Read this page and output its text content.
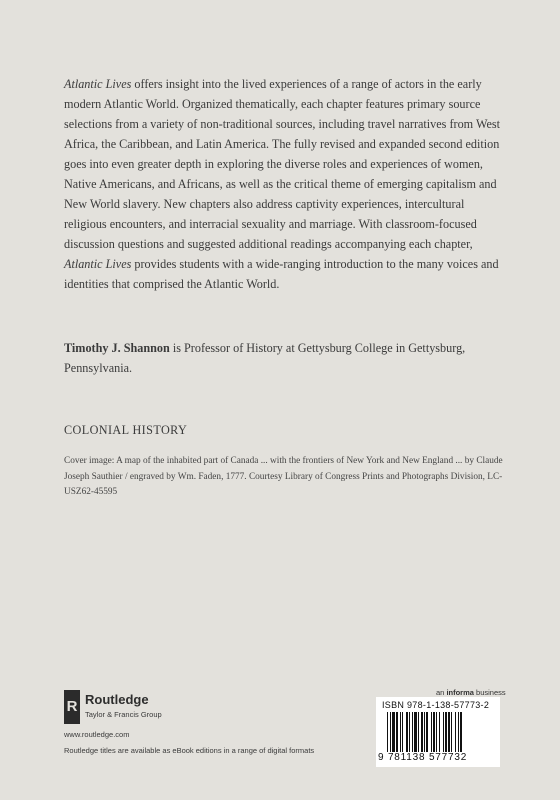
Atlantic Lives offers insight into the lived experiences of a range of actors in the early modern Atlantic World. Organized thematically, each chapter features primary source selections from a variety of non-traditional sources, including travel narratives from West Africa, the Caribbean, and Latin America. The fully revised and expanded second edition goes into even greater depth in exploring the diverse roles and experiences of women, Native Americans, and Africans, as well as the critical theme of emerging capitalism and New World slavery. New chapters also address captivity experiences, intercultural religious encounters, and interracial sexuality and marriage. With classroom-focused discussion questions and suggested additional readings accompanying each chapter, Atlantic Lives provides students with a wide-ranging introduction to the many voices and identities that comprised the Atlantic World.

Timothy J. Shannon is Professor of History at Gettysburg College in Gettysburg, Pennsylvania.
COLONIAL HISTORY
Cover image: A map of the inhabited part of Canada ... with the frontiers of New York and New England ... by Claude Joseph Sauthier / engraved by Wm. Faden, 1777. Courtesy Library of Congress Prints and Photographs Division, LC-USZ62-45595
R Routledge
Taylor & Francis Group
www.routledge.com
Routledge titles are available as eBook editions in a range of digital formats
an informa business
ISBN 978-1-138-57773-2
9 781138 577732
